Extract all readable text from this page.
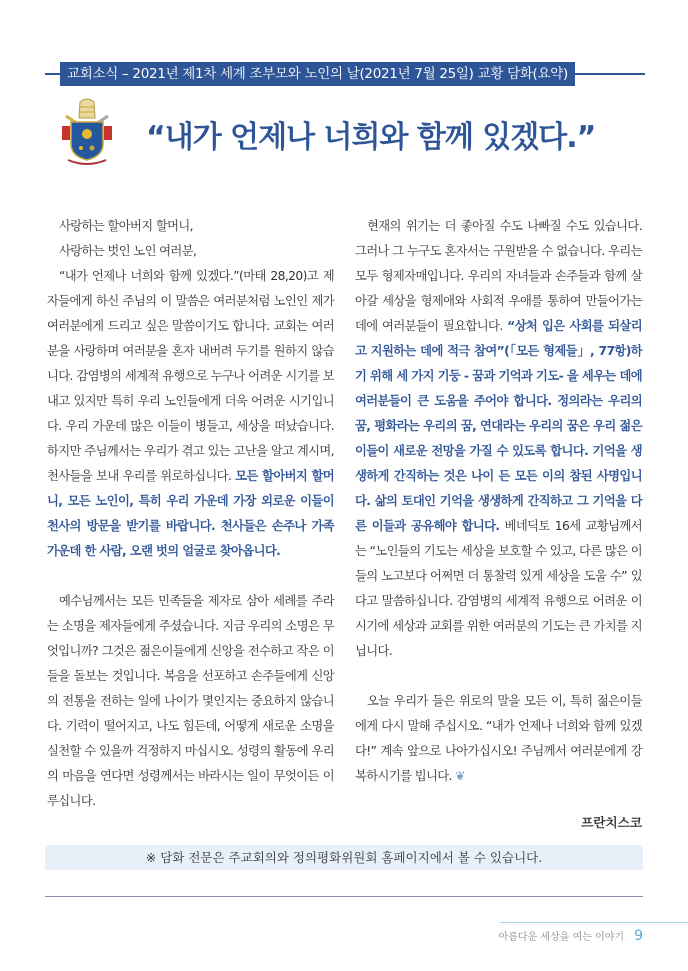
교회소식 – 2021년 제1차 세계 조부모와 노인의 날(2021년 7월 25일) 교황 담화(요약)
“내가 언제나 너희와 함께 있겠다.”

사랑하는 할아버지 할머니,

사랑하는 벗인 노인 여러분,

“내가 언제나 너희와 함께 있겠다.”(마태 28,20)고 제자들에게 하신 주님의 이 말씀은 여러분처럼 노인인 제가 여러분에게 드리고 싶은 말씀이기도 합니다. 교회는 여러분을 사랑하며 여러분을 혼자 내버려 두기를 원하지 않습니다. 감염병의 세계적 유행으로 누구나 어려운 시기를 보내고 있지만 특히 우리 노인들에게 더욱 어려운 시기입니다. 우리 가운데 많은 이들이 병들고, 세상을 떠났습니다. 하지만 주님께서는 우리가 겪고 있는 고난을 알고 계시며, 천사들을 보내 우리를 위로하십니다. 모든 할아버지 할머니, 모든 노인이, 특히 우리 가운데 가장 외로운 이들이 천사의 방문을 받기를 바랍니다. 천사들은 손주나 가족 가운데 한 사람, 오랜 벗의 얼굴로 찾아옵니다.

예수님께서는 모든 민족들을 제자로 삼아 세례를 주라는 소명을 제자들에게 주셨습니다. 지금 우리의 소명은 무엇입니까? 그것은 젊은이들에게 신앙을 전수하고 작은 이들을 돌보는 것입니다. 복음을 선포하고 손주들에게 신앙의 전통을 전하는 일에 나이가 몇인지는 중요하지 않습니다. 기력이 떨어지고, 나도 힘든데, 어떻게 새로운 소명을 실천할 수 있을까 걱정하지 마십시오. 성령의 활동에 우리의 마음을 연다면 성령께서는 바라시는 일이 무엇이든 이루십니다.

현재의 위기는 더 좋아질 수도 나빠질 수도 있습니다. 그러나 그 누구도 혼자서는 구원받을 수 없습니다. 우리는 모두 형제자매입니다. 우리의 자녀들과 손주들과 함께 살아갈 세상을 형제애와 사회적 우애를 통하여 만들어가는 데에 여러분들이 필요합니다. “상처 입은 사회를 되살리고 지원하는 데에 적극 참여”(「모든 형제들」, 77항)하기 위해 세 가지 기둥 - 꿈과 기억과 기도- 을 세우는 데에 여러분들이 큰 도움을 주어야 합니다. 정의라는 우리의 꿈, 평화라는 우리의 꿈, 연대라는 우리의 꿈은 우리 젊은이들이 새로운 전망을 가질 수 있도록 합니다. 기억을 생생하게 간직하는 것은 나이 든 모든 이의 참된 사명입니다. 삶의 토대인 기억을 생생하게 간직하고 그 기억을 다른 이들과 공유해야 합니다. 베네딕토 16세 교황님께서는 “노인들의 기도는 세상을 보호할 수 있고, 다른 많은 이들의 노고보다 어쩌면 더 통찰력 있게 세상을 도울 수” 있다고 말씀하십니다. 감염병의 세계적 유행으로 어려운 이 시기에 세상과 교회를 위한 여러분의 기도는 큰 가치를 지닙니다.

오늘 우리가 들은 위로의 말을 모든 이, 특히 젊은이들에게 다시 말해 주십시오. “내가 언제나 너희와 함께 있겠다!” 계속 앞으로 나아가십시오! 주님께서 여러분에게 강복하시기를 빕니다. ❦

프란치스코
※ 담화 전문은 주교회의와 정의평화위원회 홈페이지에서 볼 수 있습니다.
아름다운 세상을 여는 이야기 9
